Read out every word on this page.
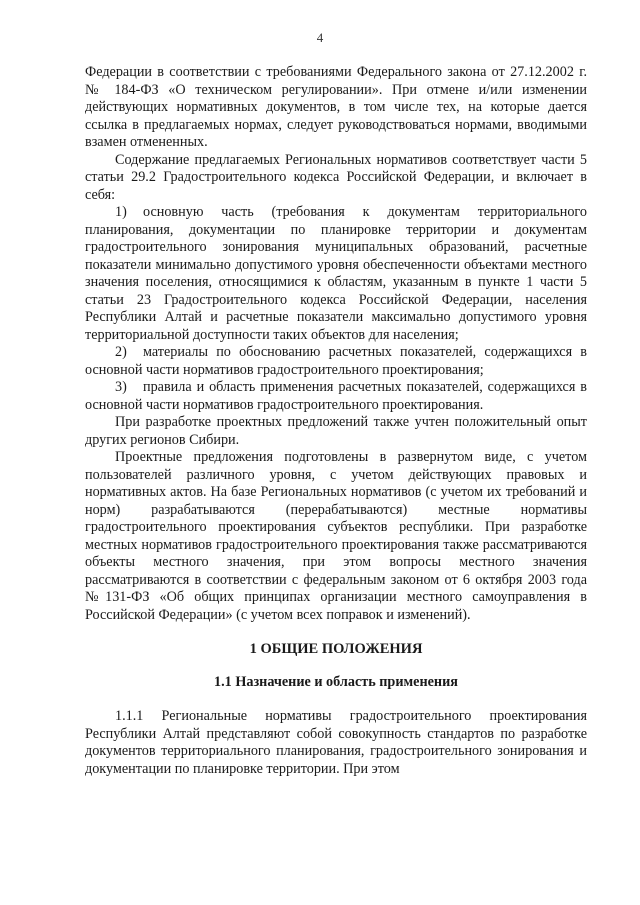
4

Федерации в соответствии с требованиями Федерального закона от 27.12.2002 г. № 184-ФЗ «О техническом регулировании». При отмене и/или изменении действующих нормативных документов, в том числе тех, на которые дается ссылка в предлагаемых нормах, следует руководствоваться нормами, вводимыми взамен отмененных.

Содержание предлагаемых Региональных нормативов соответствует части 5 статьи 29.2 Градостроительного кодекса Российской Федерации, и включает в себя:

1) основную часть (требования к документам территориального планирования, документации по планировке территории и документам градостроительного зонирования муниципальных образований, расчетные показатели минимально допустимого уровня обеспеченности объектами местного значения поселения, относящимися к областям, указанным в пункте 1 части 5 статьи 23 Градостроительного кодекса Российской Федерации, населения Республики Алтай и расчетные показатели максимально допустимого уровня территориальной доступности таких объектов для населения;

2) материалы по обоснованию расчетных показателей, содержащихся в основной части нормативов градостроительного проектирования;

3) правила и область применения расчетных показателей, содержащихся в основной части нормативов градостроительного проектирования.

При разработке проектных предложений также учтен положительный опыт других регионов Сибири.

Проектные предложения подготовлены в развернутом виде, с учетом пользователей различного уровня, с учетом действующих правовых и нормативных актов. На базе Региональных нормативов (с учетом их требований и норм) разрабатываются (перерабатываются) местные нормативы градостроительного проектирования субъектов республики. При разработке местных нормативов градостроительного проектирования также рассматриваются объекты местного значения, при этом вопросы местного значения рассматриваются в соответствии с федеральным законом от 6 октября 2003 года №131-ФЗ «Об общих принципах организации местного самоуправления в Российской Федерации» (с учетом всех поправок и изменений).

1 ОБЩИЕ ПОЛОЖЕНИЯ
1.1 Назначение и область применения

1.1.1 Региональные нормативы градостроительного проектирования Республики Алтай представляют собой совокупность стандартов по разработке документов территориального планирования, градостроительного зонирования и документации по планировке территории. При этом
